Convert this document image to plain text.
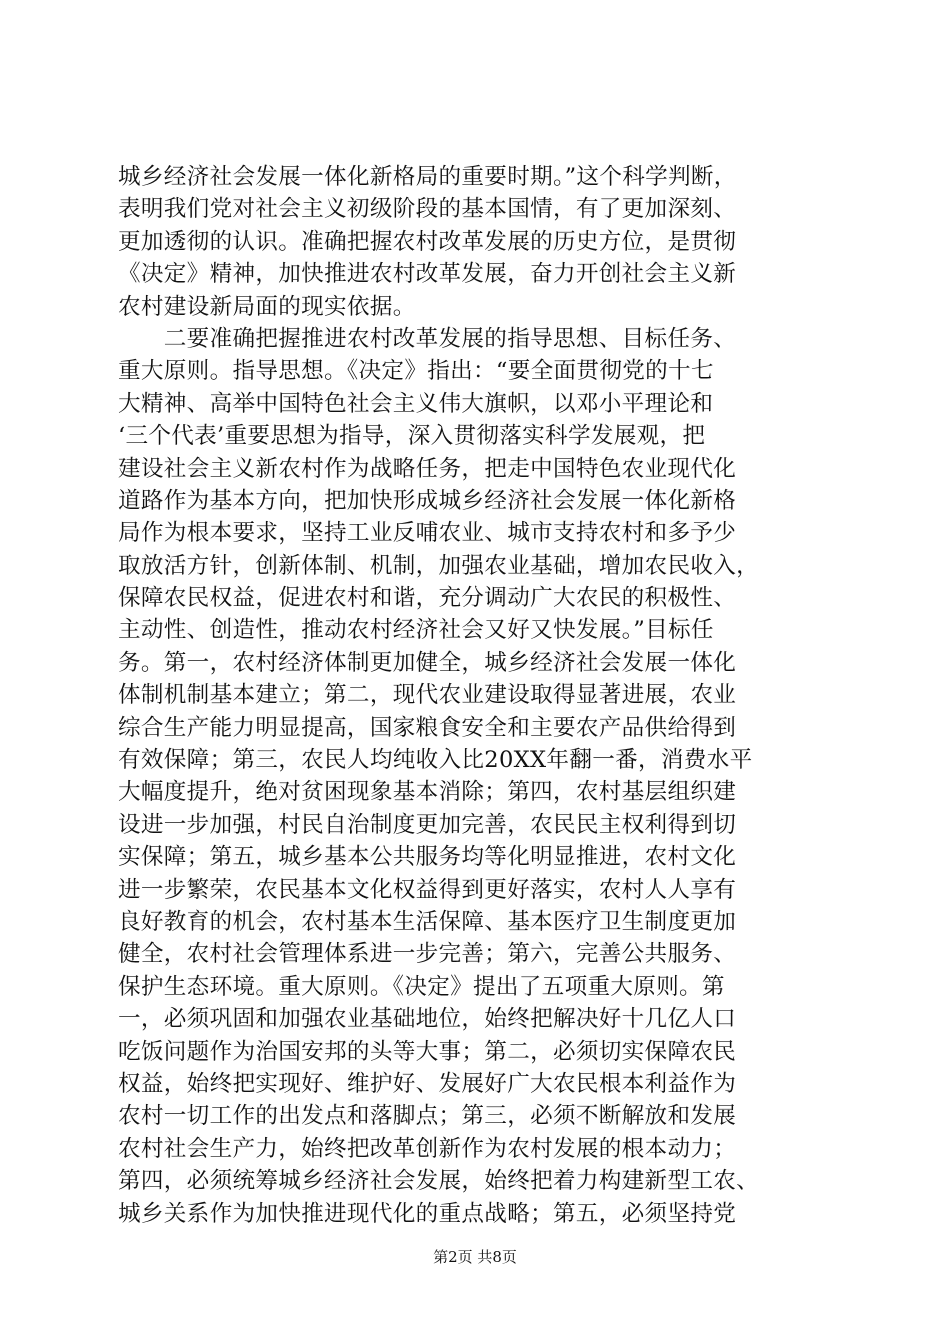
城乡经济社会发展一体化新格局的重要时期。”这个科学判断，
表明我们党对社会主义初级阶段的基本国情，有了更加深刻、
更加透彻的认识。准确把握农村改革发展的历史方位，是贯彻
《决定》精神，加快推进农村改革发展，奋力开创社会主义新
农村建设新局面的现实依据。
　　二要准确把握推进农村改革发展的指导思想、目标任务、
重大原则。指导思想。《决定》指出：“要全面贯彻党的十七
大精神、高举中国特色社会主义伟大旗帜，以邓小平理论和
‘三个代表’重要思想为指导，深入贯彻落实科学发展观，把
建设社会主义新农村作为战略任务，把走中国特色农业现代化
道路作为基本方向，把加快形成城乡经济社会发展一体化新格
局作为根本要求，坚持工业反哺农业、城市支持农村和多予少
取放活方针，创新体制、机制，加强农业基础，增加农民收入，
保障农民权益，促进农村和谐，充分调动广大农民的积极性、
主动性、创造性，推动农村经济社会又好又快发展。”目标任
务。第一，农村经济体制更加健全，城乡经济社会发展一体化
体制机制基本建立；第二，现代农业建设取得显著进展，农业
综合生产能力明显提高，国家粮食安全和主要农产品供给得到
有效保障；第三，农民人均纯收入比20XX年翻一番，消费水平
大幅度提升，绝对贫困现象基本消除；第四，农村基层组织建
设进一步加强，村民自治制度更加完善，农民民主权利得到切
实保障；第五，城乡基本公共服务均等化明显推进，农村文化
进一步繁荣，农民基本文化权益得到更好落实，农村人人享有
良好教育的机会，农村基本生活保障、基本医疗卫生制度更加
健全，农村社会管理体系进一步完善；第六，完善公共服务、
保护生态环境。重大原则。《决定》提出了五项重大原则。第
一，必须巩固和加强农业基础地位，始终把解决好十几亿人口
吃饭问题作为治国安邦的头等大事；第二，必须切实保障农民
权益，始终把实现好、维护好、发展好广大农民根本利益作为
农村一切工作的出发点和落脚点；第三，必须不断解放和发展
农村社会生产力，始终把改革创新作为农村发展的根本动力；
第四，必须统筹城乡经济社会发展，始终把着力构建新型工农、
城乡关系作为加快推进现代化的重点战略；第五，必须坚持党
第2页 共8页
